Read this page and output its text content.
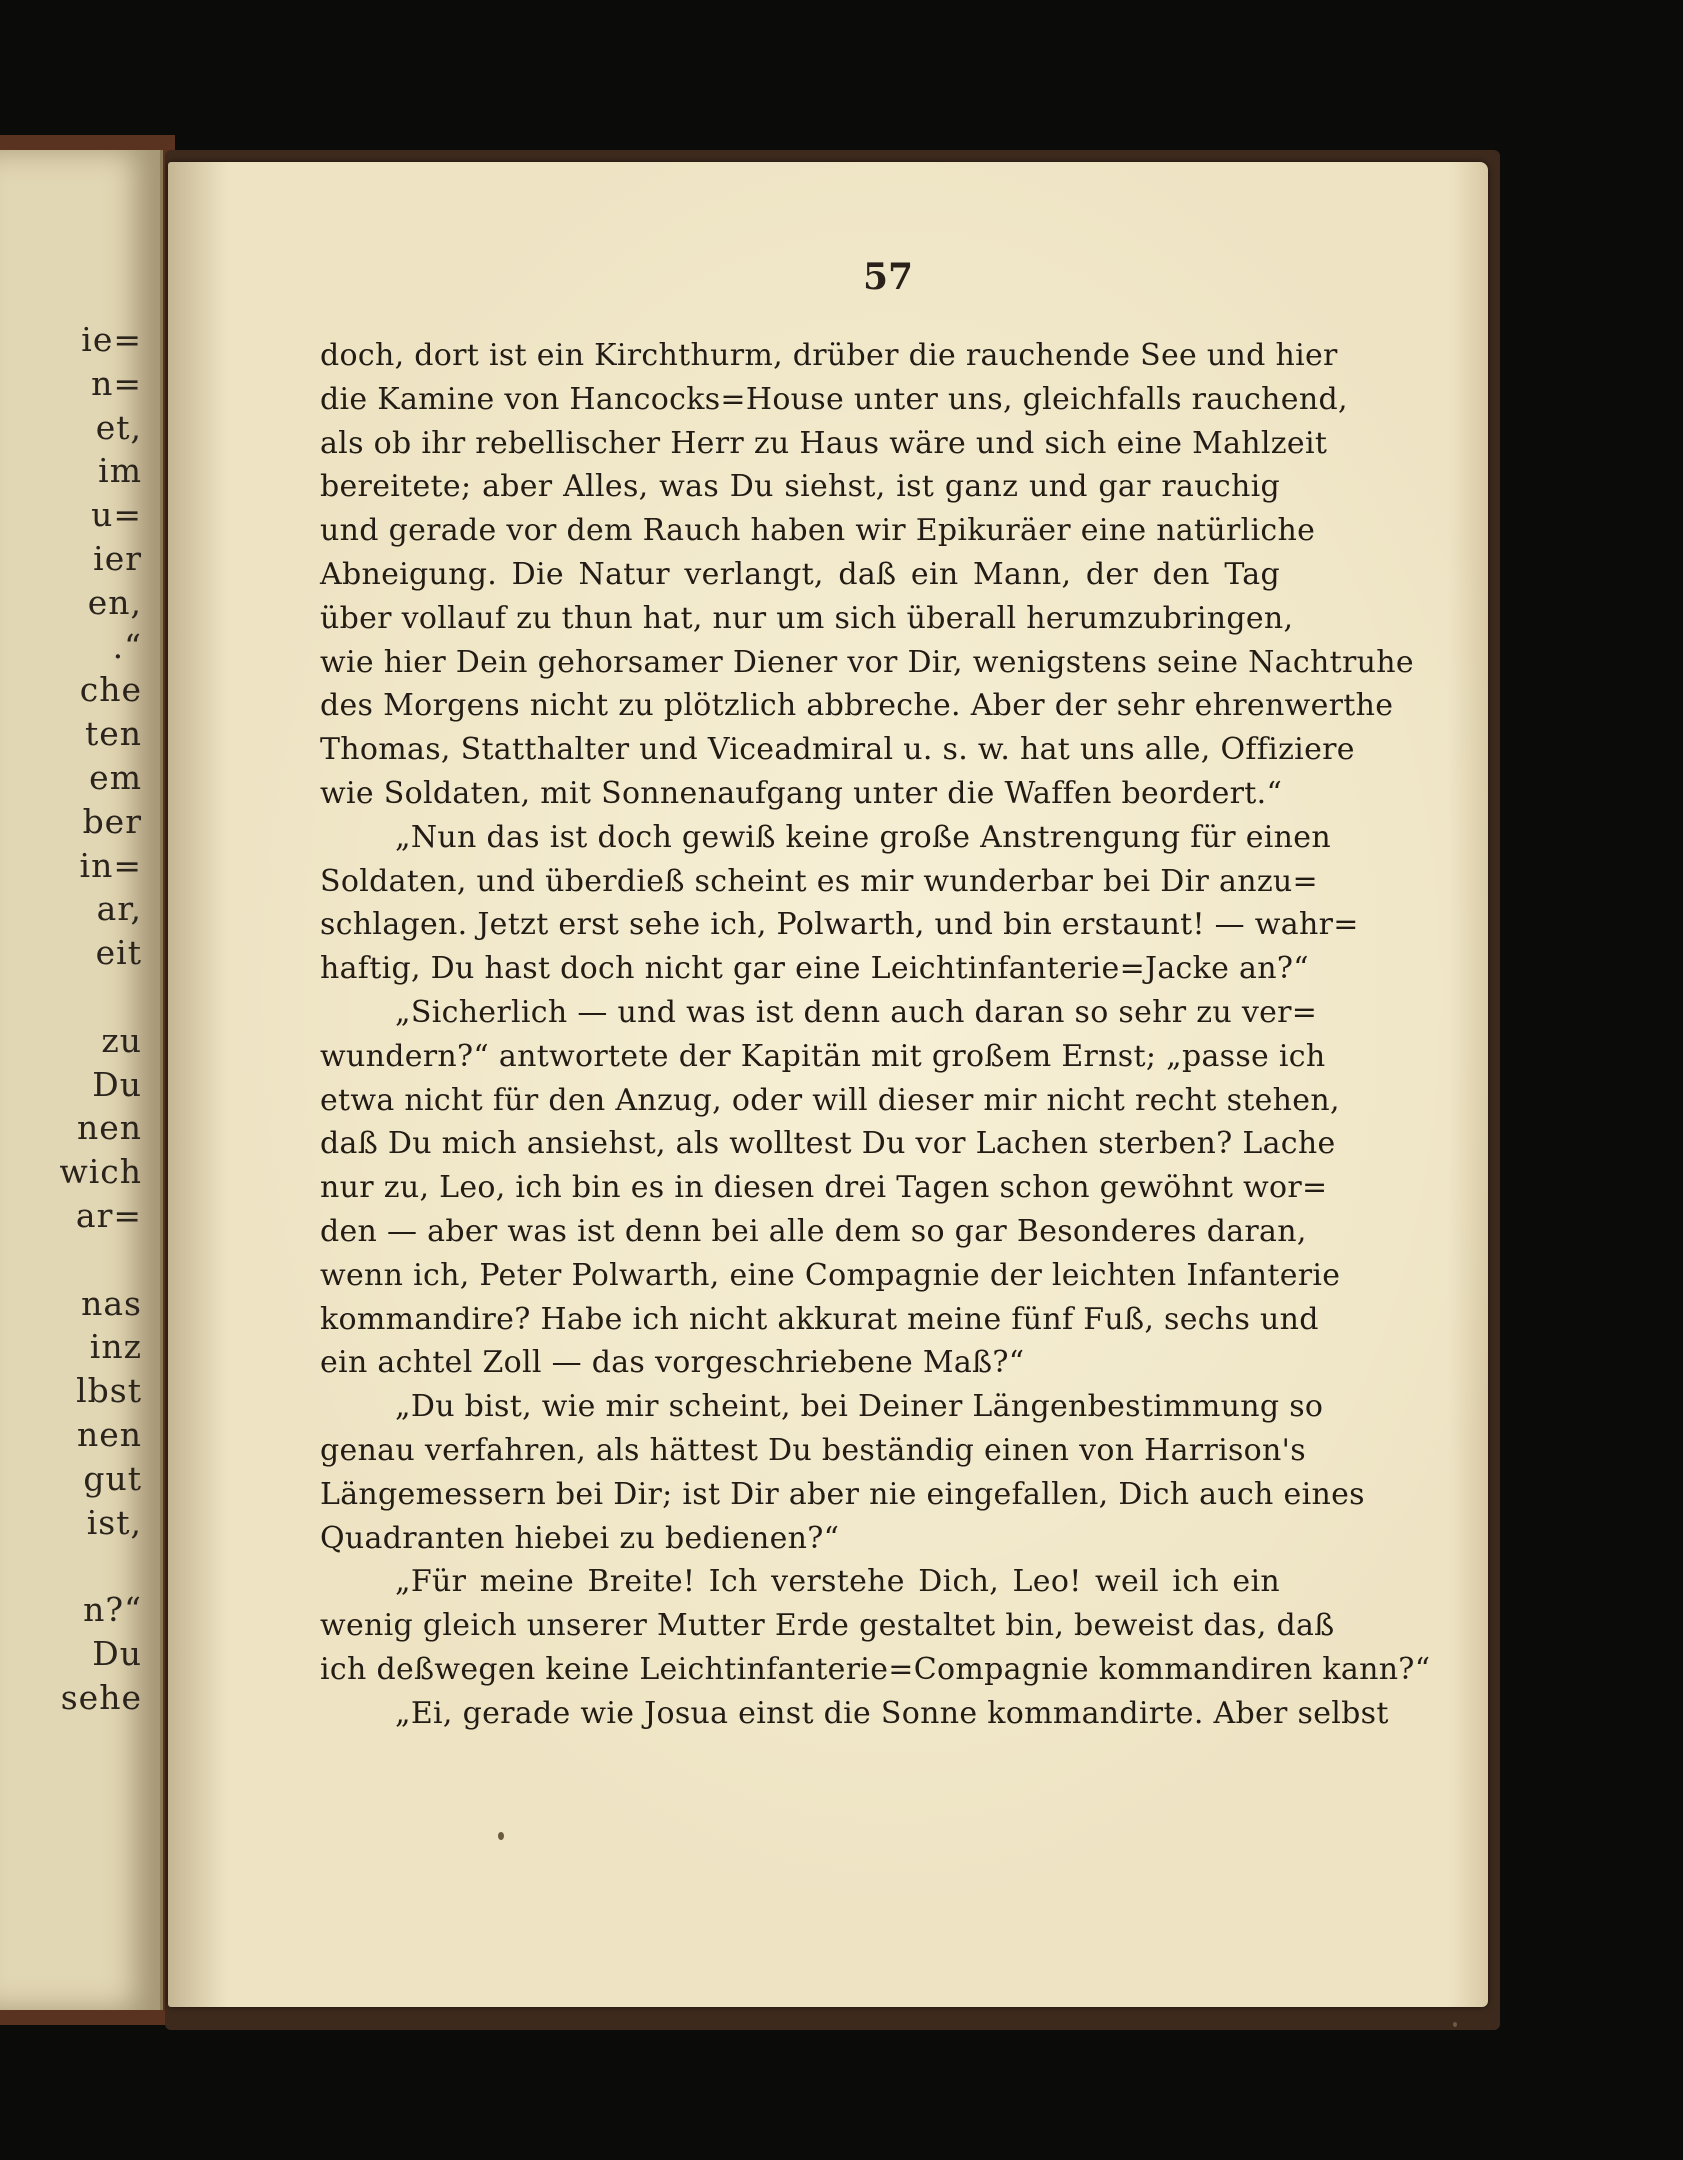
ie=
n=
et,
im
u=
ier
en,
.“
che
ten
em
ber
in=
ar,
eit
zu
Du
nen
wich
ar=
nas
inz
lbst
nen
gut
ist,
n?“
Du
sehe
57
doch, dort ist ein Kirchthurm, drüber die rauchende See und hier
die Kamine von Hancocks=House unter uns, gleichfalls rauchend,
als ob ihr rebellischer Herr zu Haus wäre und sich eine Mahlzeit
bereitete; aber Alles, was Du siehst, ist ganz und gar rauchig
und gerade vor dem Rauch haben wir Epikuräer eine natürliche
Abneigung. Die Natur verlangt, daß ein Mann, der den Tag
über vollauf zu thun hat, nur um sich überall herumzubringen,
wie hier Dein gehorsamer Diener vor Dir, wenigstens seine Nachtruhe
des Morgens nicht zu plötzlich abbreche. Aber der sehr ehrenwerthe
Thomas, Statthalter und Viceadmiral u. s. w. hat uns alle, Offiziere
wie Soldaten, mit Sonnenaufgang unter die Waffen beordert.“
„Nun das ist doch gewiß keine große Anstrengung für einen
Soldaten, und überdieß scheint es mir wunderbar bei Dir anzu=
schlagen. Jetzt erst sehe ich, Polwarth, und bin erstaunt! — wahr=
haftig, Du hast doch nicht gar eine Leichtinfanterie=Jacke an?“
„Sicherlich — und was ist denn auch daran so sehr zu ver=
wundern?“ antwortete der Kapitän mit großem Ernst; „passe ich
etwa nicht für den Anzug, oder will dieser mir nicht recht stehen,
daß Du mich ansiehst, als wolltest Du vor Lachen sterben? Lache
nur zu, Leo, ich bin es in diesen drei Tagen schon gewöhnt wor=
den — aber was ist denn bei alle dem so gar Besonderes daran,
wenn ich, Peter Polwarth, eine Compagnie der leichten Infanterie
kommandire? Habe ich nicht akkurat meine fünf Fuß, sechs und
ein achtel Zoll — das vorgeschriebene Maß?“
„Du bist, wie mir scheint, bei Deiner Längenbestimmung so
genau verfahren, als hättest Du beständig einen von Harrison's
Längemessern bei Dir; ist Dir aber nie eingefallen, Dich auch eines
Quadranten hiebei zu bedienen?“
„Für meine Breite! Ich verstehe Dich, Leo! weil ich ein
wenig gleich unserer Mutter Erde gestaltet bin, beweist das, daß
ich deßwegen keine Leichtinfanterie=Compagnie kommandiren kann?“
„Ei, gerade wie Josua einst die Sonne kommandirte. Aber selbst
